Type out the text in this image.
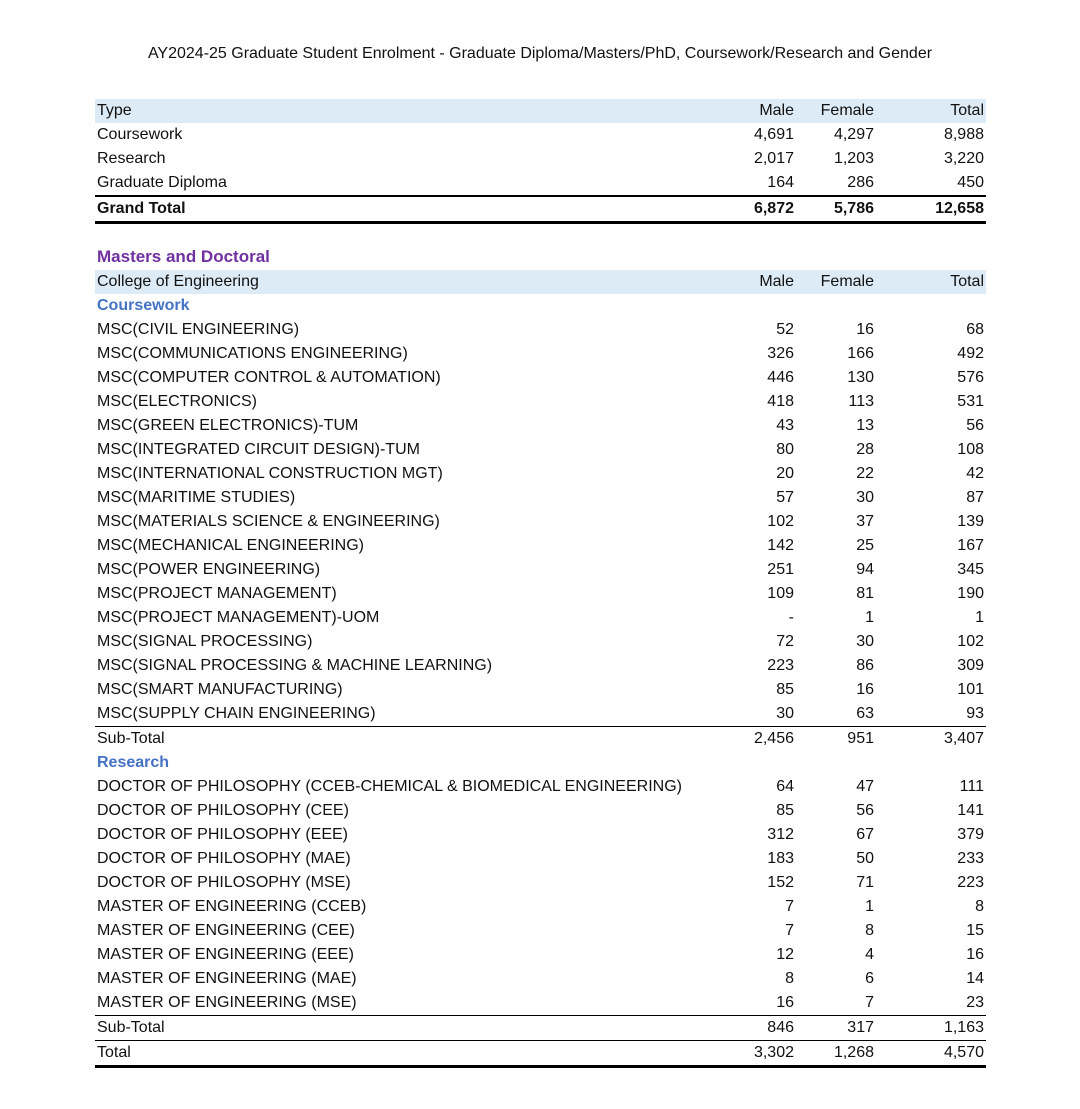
AY2024-25 Graduate Student Enrolment - Graduate Diploma/Masters/PhD, Coursework/Research and Gender
Type	Male	Female	Total
Coursework	4,691	4,297	8,988
Research	2,017	1,203	3,220
Graduate Diploma	164	286	450
Grand Total	6,872	5,786	12,658
Masters and Doctoral
College of Engineering	Male	Female	Total
Coursework			
MSC(CIVIL ENGINEERING)	52	16	68
MSC(COMMUNICATIONS ENGINEERING)	326	166	492
MSC(COMPUTER CONTROL & AUTOMATION)	446	130	576
MSC(ELECTRONICS)	418	113	531
MSC(GREEN ELECTRONICS)-TUM	43	13	56
MSC(INTEGRATED CIRCUIT DESIGN)-TUM	80	28	108
MSC(INTERNATIONAL CONSTRUCTION MGT)	20	22	42
MSC(MARITIME STUDIES)	57	30	87
MSC(MATERIALS SCIENCE & ENGINEERING)	102	37	139
MSC(MECHANICAL ENGINEERING)	142	25	167
MSC(POWER ENGINEERING)	251	94	345
MSC(PROJECT MANAGEMENT)	109	81	190
MSC(PROJECT MANAGEMENT)-UOM	-	1	1
MSC(SIGNAL PROCESSING)	72	30	102
MSC(SIGNAL PROCESSING & MACHINE LEARNING)	223	86	309
MSC(SMART MANUFACTURING)	85	16	101
MSC(SUPPLY CHAIN ENGINEERING)	30	63	93
Sub-Total	2,456	951	3,407
Research			
DOCTOR OF PHILOSOPHY (CCEB-CHEMICAL & BIOMEDICAL ENGINEERING)	64	47	111
DOCTOR OF PHILOSOPHY (CEE)	85	56	141
DOCTOR OF PHILOSOPHY (EEE)	312	67	379
DOCTOR OF PHILOSOPHY (MAE)	183	50	233
DOCTOR OF PHILOSOPHY (MSE)	152	71	223
MASTER OF ENGINEERING (CCEB)	7	1	8
MASTER OF ENGINEERING (CEE)	7	8	15
MASTER OF ENGINEERING (EEE)	12	4	16
MASTER OF ENGINEERING (MAE)	8	6	14
MASTER OF ENGINEERING (MSE)	16	7	23
Sub-Total	846	317	1,163
Total	3,302	1,268	4,570
